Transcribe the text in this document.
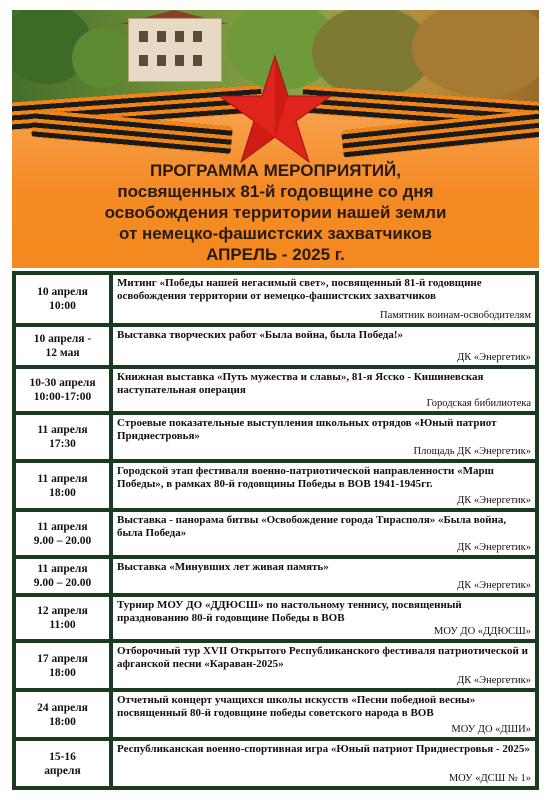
ПРОГРАММА МЕРОПРИЯТИЙ,
посвященных 81-й годовщине со дня
освобождения территории нашей земли
от немецко-фашистских захватчиков
АПРЕЛЬ - 2025 г.
10 апреля
10:00
Митинг «Победы нашей негасимый свет», посвященный 81-й годовщине освобождения территории от немецко-фашистских захватчиков
Памятник воинам-освободителям
10 апреля -
12 мая
Выставка творческих работ «Была война, была Победа!»
ДК «Энергетик»
10-30 апреля
10:00-17:00
Книжная выставка «Путь мужества и славы», 81-я Ясско - Кишиневская наступательная операция
Городская бибилиотека
11 апреля
17:30
Строевые показательные выступления школьных отрядов «Юный патриот Приднестровья»
Площадь ДК «Энергетик»
11 апреля
18:00
Городской этап фестиваля военно-патриотической направленности «Марш Победы», в рамках 80-й годовщины Победы в ВОВ 1941-1945гг.
ДК «Энергетик»
11 апреля
9.00 – 20.00
Выставка - панорама битвы «Освобождение города Тирасполя» «Была война, была Победа»
ДК «Энергетик»
11 апреля
9.00 – 20.00
Выставка «Минувших лет живая память»
ДК «Энергетик»
12 апреля
11:00
Турнир МОУ ДО «ДДЮСШ» по настольному теннису, посвященный празднованию 80-й годовщине Победы в ВОВ
МОУ ДО «ДДЮСШ»
17 апреля
18:00
Отборочный тур XVII Открытого Республиканского фестиваля патриотической и афганской песни «Караван-2025»
ДК «Энергетик»
24 апреля
18:00
Отчетный концерт учащихся школы искусств «Песни победной весны» посвященный 80-й годовщине победы советского народа в ВОВ
МОУ ДО «ДШИ»
15-16
апреля
Республиканская военно-спортивная игра «Юный патриот Приднестровья - 2025»
МОУ «ДСШ № 1»
